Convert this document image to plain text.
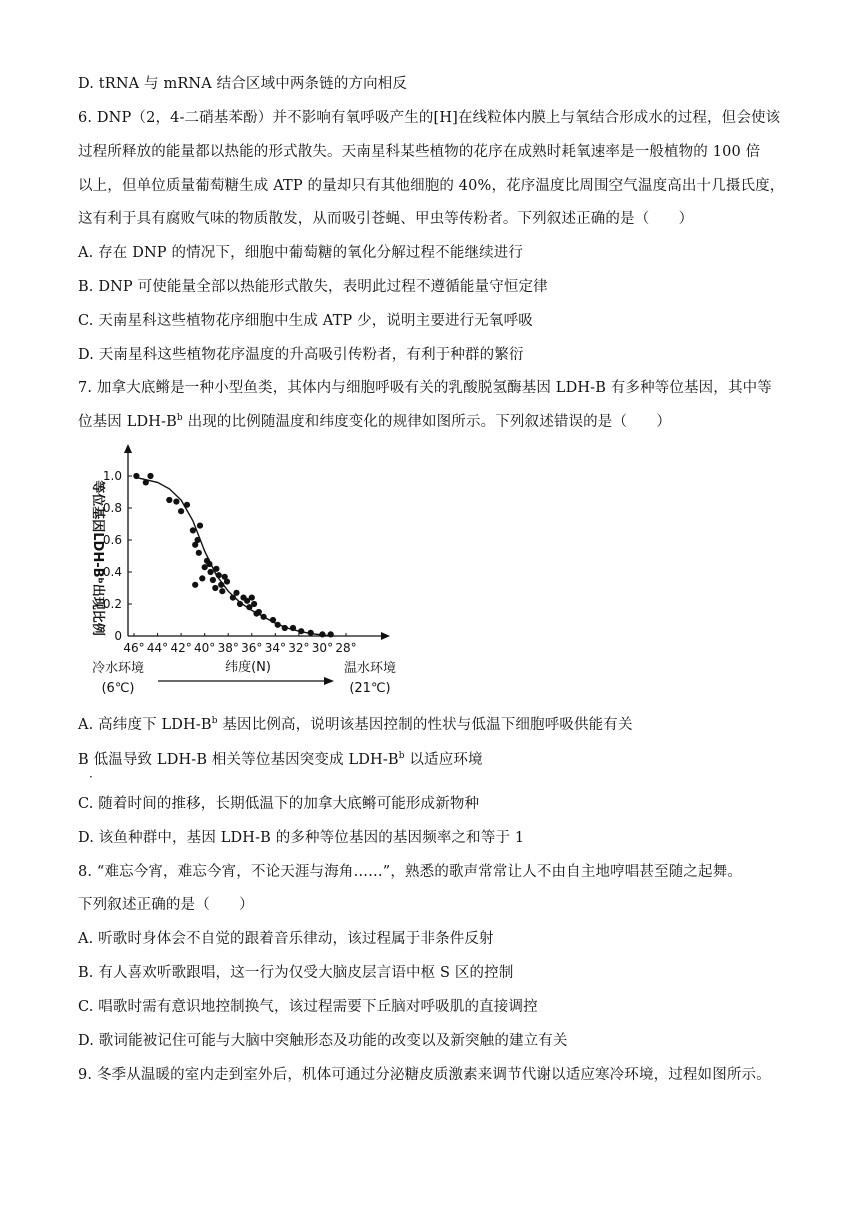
D. tRNA 与 mRNA 结合区域中两条链的方向相反
6. DNP（2，4-二硝基苯酚）并不影响有氧呼吸产生的[H]在线粒体内膜上与氧结合形成水的过程，但会使该
过程所释放的能量都以热能的形式散失。天南星科某些植物的花序在成熟时耗氧速率是一般植物的 100 倍
以上，但单位质量葡萄糖生成 ATP 的量却只有其他细胞的 40%，花序温度比周围空气温度高出十几摄氏度，
这有利于具有腐败气味的物质散发，从而吸引苍蝇、甲虫等传粉者。下列叙述正确的是（　　）
A. 存在 DNP 的情况下，细胞中葡萄糖的氧化分解过程不能继续进行
B. DNP 可使能量全部以热能形式散失，表明此过程不遵循能量守恒定律
C. 天南星科这些植物花序细胞中生成 ATP 少，说明主要进行无氧呼吸
D. 天南星科这些植物花序温度的升高吸引传粉者，有利于种群的繁衍
7. 加拿大底鳉是一种小型鱼类，其体内与细胞呼吸有关的乳酸脱氢酶基因 LDH-B 有多种等位基因，其中等
位基因 LDH-$B^b$ 出现的比例随温度和纬度变化的规律如图所示。下列叙述错误的是（　　）
0
0.2
0.4
0.6
0.8
1.0
46° 44° 42° 40° 38° 36° 34° 32° 30° 28°
等位基因LDH-Bᵇ出现比例
纬度(N)
冷水环境
(6℃)
温水环境
(21℃)
A. 高纬度下 LDH-$B^b$ 基因比例高，说明该基因控制的性状与低温下细胞呼吸供能有关
B 低温导致 LDH-B 相关等位基因突变成 LDH-$B^b$ 以适应环境
·
C. 随着时间的推移，长期低温下的加拿大底鳉可能形成新物种
D. 该鱼种群中，基因 LDH-B 的多种等位基因的基因频率之和等于 1
8. “难忘今宵，难忘今宵，不论天涯与海角……”，熟悉的歌声常常让人不由自主地哼唱甚至随之起舞。
下列叙述正确的是（　　）
A. 听歌时身体会不自觉的跟着音乐律动，该过程属于非条件反射
B. 有人喜欢听歌跟唱，这一行为仅受大脑皮层言语中枢 S 区的控制
C. 唱歌时需有意识地控制换气，该过程需要下丘脑对呼吸肌的直接调控
D. 歌词能被记住可能与大脑中突触形态及功能的改变以及新突触的建立有关
9. 冬季从温暖的室内走到室外后，机体可通过分泌糖皮质激素来调节代谢以适应寒冷环境，过程如图所示。
